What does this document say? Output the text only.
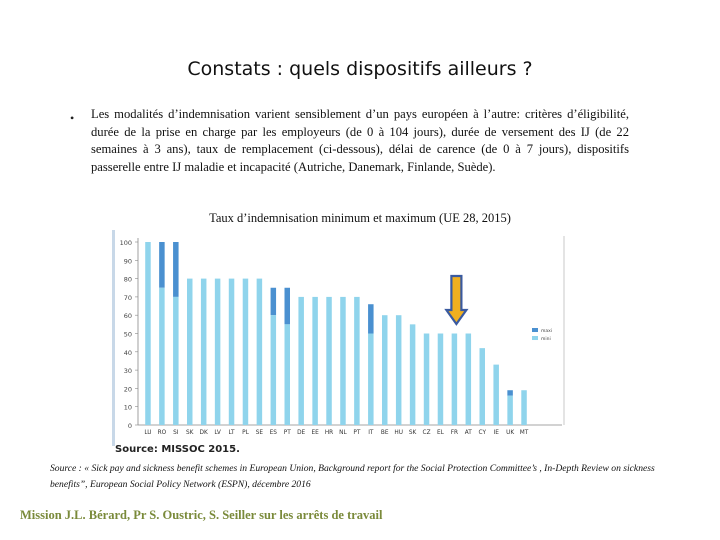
Constats : quels dispositifs ailleurs ?
• Les modalités d’indemnisation varient sensiblement d’un pays européen à l’autre: critères d’éligibilité, durée de la prise en charge par les employeurs (de 0 à 104 jours), durée de versement des IJ (de 22 semaines à 3 ans), taux de remplacement (ci-dessous), délai de carence (de 0 à 7 jours), dispositifs passerelle entre IJ maladie et incapacité (Autriche, Danemark, Finlande, Suède).
Taux d’indemnisation minimum et maximum (UE 28, 2015)
0
10
20
30
40
50
60
70
80
90
100
LU RO SI SK DK LV LT PL SE ES PT DE EE HR NL PT IT BE HU SK CZ EL FR AT CY IE UK MT
maxi
mini
Source: MISSOC 2015.
Source : « Sick pay and sickness benefit schemes in European Union, Background report for the Social Protection Committee’s , In-Depth Review on sickness benefits”, European Social Policy Network (ESPN), décembre 2016
Mission J.L. Bérard, Pr S. Oustric, S. Seiller sur les arrêts de travail
